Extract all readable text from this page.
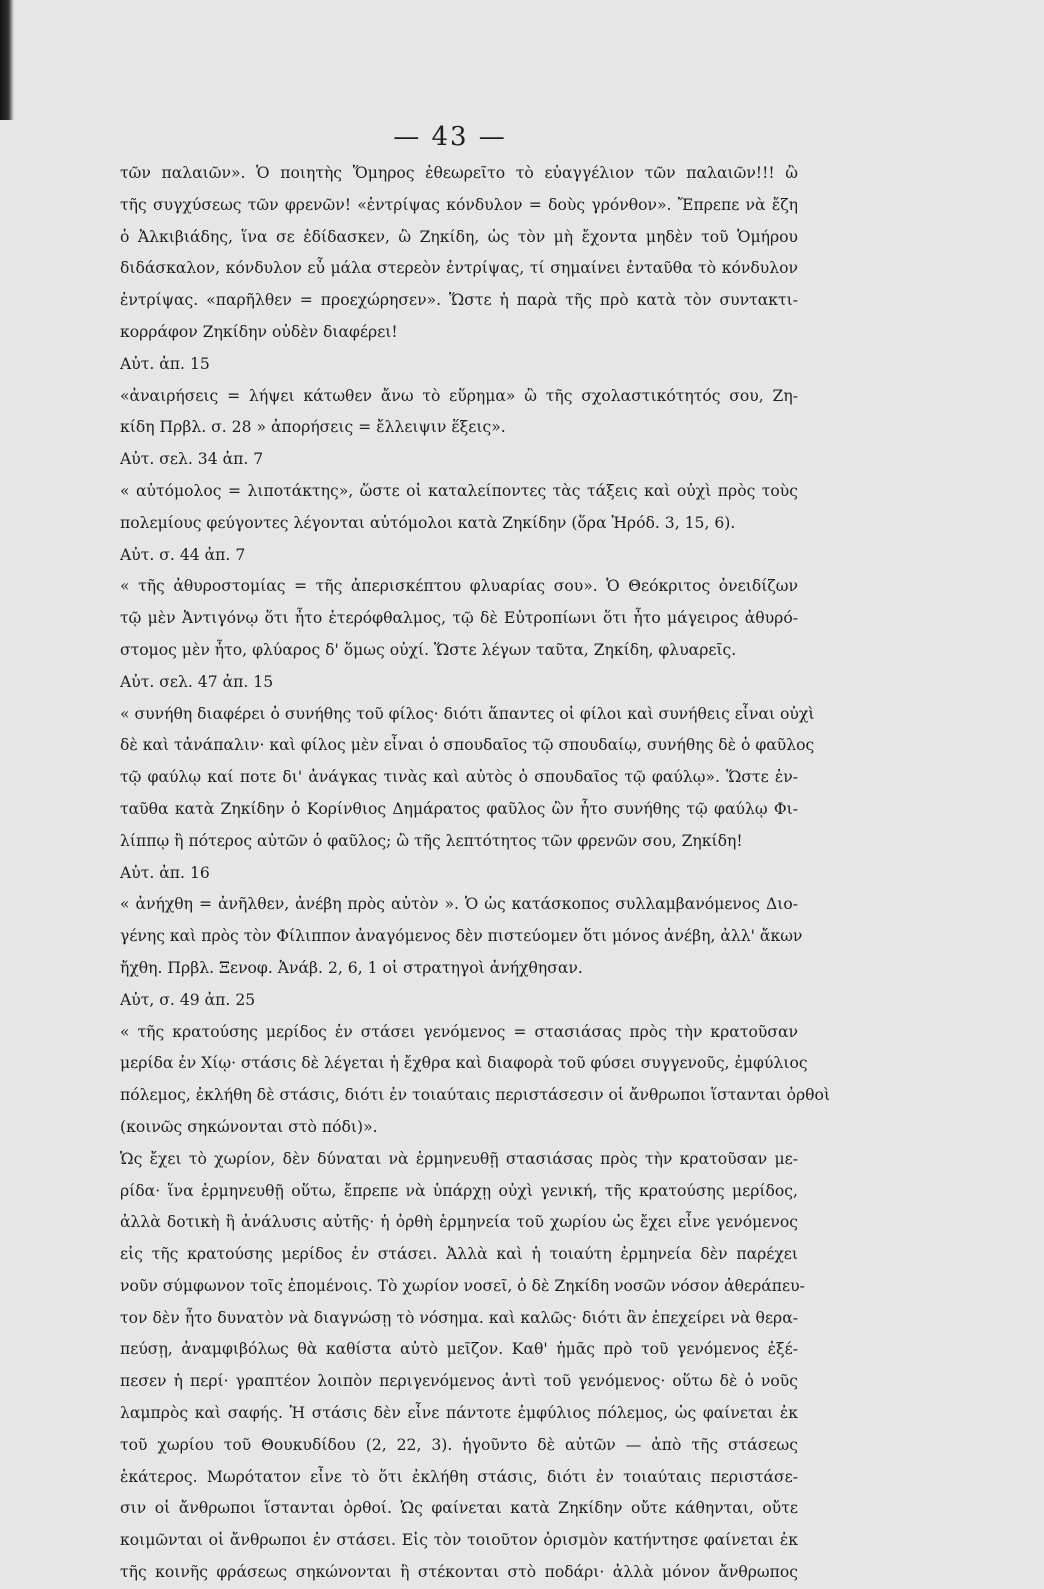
— 43 —
τῶν παλαιῶν». Ὁ ποιητὴς Ὅμηρος ἐθεωρεῖτο τὸ εὐαγγέλιον τῶν παλαιῶν!!! ὢ
τῆς συγχύσεως τῶν φρενῶν! «ἐντρίψας κόνδυλον = δοὺς γρόνθον». Ἔπρεπε νὰ ἔζη
ὁ Ἀλκιβιάδης, ἵνα σε ἐδίδασκεν, ὢ Ζηκίδη, ὡς τὸν μὴ ἔχοντα μηδὲν τοῦ Ὁμήρου
διδάσκαλον, κόνδυλον εὖ μάλα στερεὸν ἐντρίψας, τί σημαίνει ἐνταῦθα τὸ κόνδυλον
ἐντρίψας. «παρῆλθεν = προεχώρησεν». Ὥστε ἡ παρὰ τῆς πρὸ κατὰ τὸν συντακτι-
κορράφον Ζηκίδην οὐδὲν διαφέρει!
Αὐτ. ἀπ. 15
«ἀναιρήσεις = λήψει κάτωθεν ἄνω τὸ εὕρημα» ὢ τῆς σχολαστικότητός σου, Ζη-
κίδη Πρβλ. σ. 28 » ἀπορήσεις = ἔλλειψιν ἕξεις».
Αὐτ. σελ. 34 ἀπ. 7
« αὐτόμολος = λιποτάκτης», ὥστε οἱ καταλείποντες τὰς τάξεις καὶ οὐχὶ πρὸς τοὺς
πολεμίους φεύγοντες λέγονται αὐτόμολοι κατὰ Ζηκίδην (ὅρα Ἡρόδ. 3, 15, 6).
Αὐτ. σ. 44 ἀπ. 7
« τῆς ἀθυροστομίας = τῆς ἀπερισκέπτου φλυαρίας σου». Ὁ Θεόκριτος ὀνειδίζων
τῷ μὲν Ἀντιγόνῳ ὅτι ἦτο ἑτερόφθαλμος, τῷ δὲ Εὐτροπίωνι ὅτι ἦτο μάγειρος ἀθυρό-
στομος μὲν ἦτο, φλύαρος δ' ὅμως οὐχί. Ὥστε λέγων ταῦτα, Ζηκίδη, φλυαρεῖς.
Αὐτ. σελ. 47 ἀπ. 15
« συνήθη διαφέρει ὁ συνήθης τοῦ φίλος· διότι ἅπαντες οἱ φίλοι καὶ συνήθεις εἶναι οὐχὶ
δὲ καὶ τἀνάπαλιν· καὶ φίλος μὲν εἶναι ὁ σπουδαῖος τῷ σπουδαίῳ, συνήθης δὲ ὁ φαῦλος
τῷ φαύλῳ καί ποτε δι' ἀνάγκας τινὰς καὶ αὐτὸς ὁ σπουδαῖος τῷ φαύλῳ». Ὥστε ἐν-
ταῦθα κατὰ Ζηκίδην ὁ Κορίνθιος Δημάρατος φαῦλος ὢν ἦτο συνήθης τῷ φαύλῳ Φι-
λίππῳ ἢ πότερος αὐτῶν ὁ φαῦλος; ὢ τῆς λεπτότητος τῶν φρενῶν σου, Ζηκίδη!
Αὐτ. ἀπ. 16
« ἀνήχθη = ἀνῆλθεν, ἀνέβη πρὸς αὐτὸν ». Ὁ ὡς κατάσκοπος συλλαμβανόμενος Διο-
γένης καὶ πρὸς τὸν Φίλιππον ἀναγόμενος δὲν πιστεύομεν ὅτι μόνος ἀνέβη, ἀλλ' ἄκων
ἤχθη. Πρβλ. Ξενοφ. Ἀνάβ. 2, 6, 1 οἱ στρατηγοὶ ἀνήχθησαν.
Αὐτ, σ. 49 ἀπ. 25
« τῆς κρατούσης μερίδος ἐν στάσει γενόμενος = στασιάσας πρὸς τὴν κρατοῦσαν
μερίδα ἐν Χίῳ· στάσις δὲ λέγεται ἡ ἔχθρα καὶ διαφορὰ τοῦ φύσει συγγενοῦς, ἐμφύλιος
πόλεμος, ἐκλήθη δὲ στάσις, διότι ἐν τοιαύταις περιστάσεσιν οἱ ἄνθρωποι ἵστανται ὀρθοὶ
(κοινῶς σηκώνονται στὸ πόδι)».
Ὡς ἔχει τὸ χωρίον, δὲν δύναται νὰ ἑρμηνευθῇ στασιάσας πρὸς τὴν κρατοῦσαν με-
ρίδα· ἵνα ἑρμηνευθῇ οὕτω, ἔπρεπε νὰ ὑπάρχῃ οὐχὶ γενική, τῆς κρατούσης μερίδος,
ἀλλὰ δοτικὴ ἢ ἀνάλυσις αὐτῆς· ἡ ὀρθὴ ἑρμηνεία τοῦ χωρίου ὡς ἔχει εἶνε γενόμενος
εἰς τῆς κρατούσης μερίδος ἐν στάσει. Ἀλλὰ καὶ ἡ τοιαύτη ἑρμηνεία δὲν παρέχει
νοῦν σύμφωνον τοῖς ἑπομένοις. Τὸ χωρίον νοσεῖ, ὁ δὲ Ζηκίδη νοσῶν νόσον ἀθεράπευ-
τον δὲν ἦτο δυνατὸν νὰ διαγνώσῃ τὸ νόσημα. καὶ καλῶς· διότι ἂν ἐπεχείρει νὰ θερα-
πεύσῃ, ἀναμφιβόλως θὰ καθίστα αὐτὸ μεῖζον. Καθ' ἡμᾶς πρὸ τοῦ γενόμενος ἐξέ-
πεσεν ἡ περί· γραπτέον λοιπὸν περιγενόμενος ἀντὶ τοῦ γενόμενος· οὕτω δὲ ὁ νοῦς
λαμπρὸς καὶ σαφής. Ἡ στάσις δὲν εἶνε πάντοτε ἐμφύλιος πόλεμος, ὡς φαίνεται ἐκ
τοῦ χωρίου τοῦ Θουκυδίδου (2, 22, 3). ἡγοῦντο δὲ αὐτῶν — ἀπὸ τῆς στάσεως
ἑκάτερος. Μωρότατον εἶνε τὸ ὅτι ἐκλήθη στάσις, διότι ἐν τοιαύταις περιστάσε-
σιν οἱ ἄνθρωποι ἵστανται ὀρθοί. Ὡς φαίνεται κατὰ Ζηκίδην οὔτε κάθηνται, οὔτε
κοιμῶνται οἱ ἄνθρωποι ἐν στάσει. Εἰς τὸν τοιοῦτον ὁρισμὸν κατήντησε φαίνεται ἐκ
τῆς κοινῆς φράσεως σηκώνονται ἢ στέκονται στὸ ποδάρι· ἀλλὰ μόνον ἄνθρωπος
